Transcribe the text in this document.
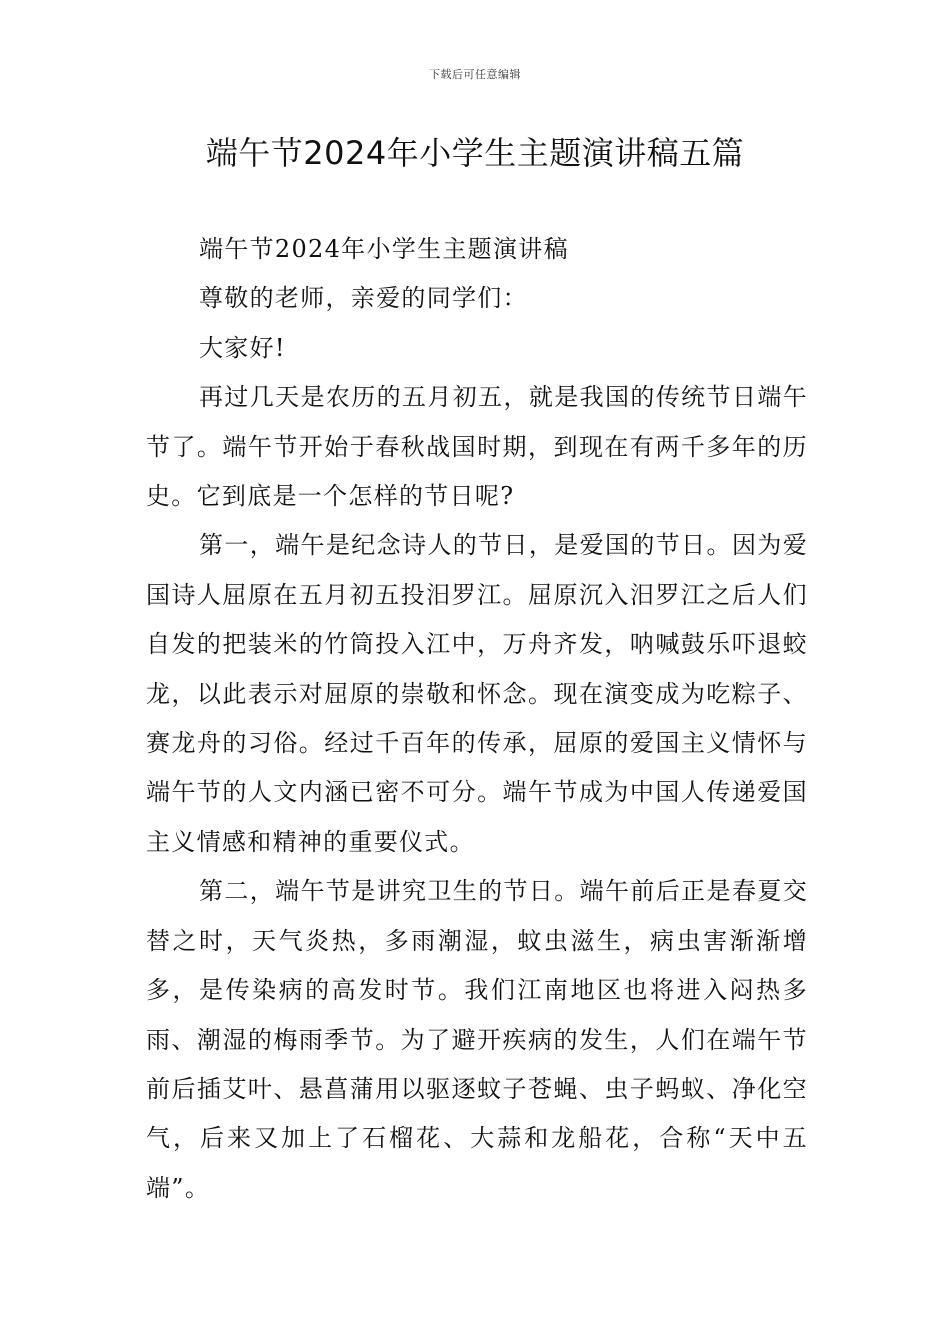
下载后可任意编辑
端午节2024年小学生主题演讲稿五篇

端午节2024年小学生主题演讲稿

尊敬的老师，亲爱的同学们：

大家好!

再过几天是农历的五月初五，就是我国的传统节日端午节了。端午节开始于春秋战国时期，到现在有两千多年的历史。它到底是一个怎样的节日呢?

第一，端午是纪念诗人的节日，是爱国的节日。因为爱国诗人屈原在五月初五投汨罗江。屈原沉入汨罗江之后人们自发的把装米的竹筒投入江中，万舟齐发，呐喊鼓乐吓退蛟龙，以此表示对屈原的崇敬和怀念。现在演变成为吃粽子、赛龙舟的习俗。经过千百年的传承，屈原的爱国主义情怀与端午节的人文内涵已密不可分。端午节成为中国人传递爱国主义情感和精神的重要仪式。

第二，端午节是讲究卫生的节日。端午前后正是春夏交替之时，天气炎热，多雨潮湿，蚊虫滋生，病虫害渐渐增多，是传染病的高发时节。我们江南地区也将进入闷热多雨、潮湿的梅雨季节。为了避开疾病的发生，人们在端午节前后插艾叶、悬菖蒲用以驱逐蚊子苍蝇、虫子蚂蚁、净化空气，后来又加上了石榴花、大蒜和龙船花，合称“天中五端”。
